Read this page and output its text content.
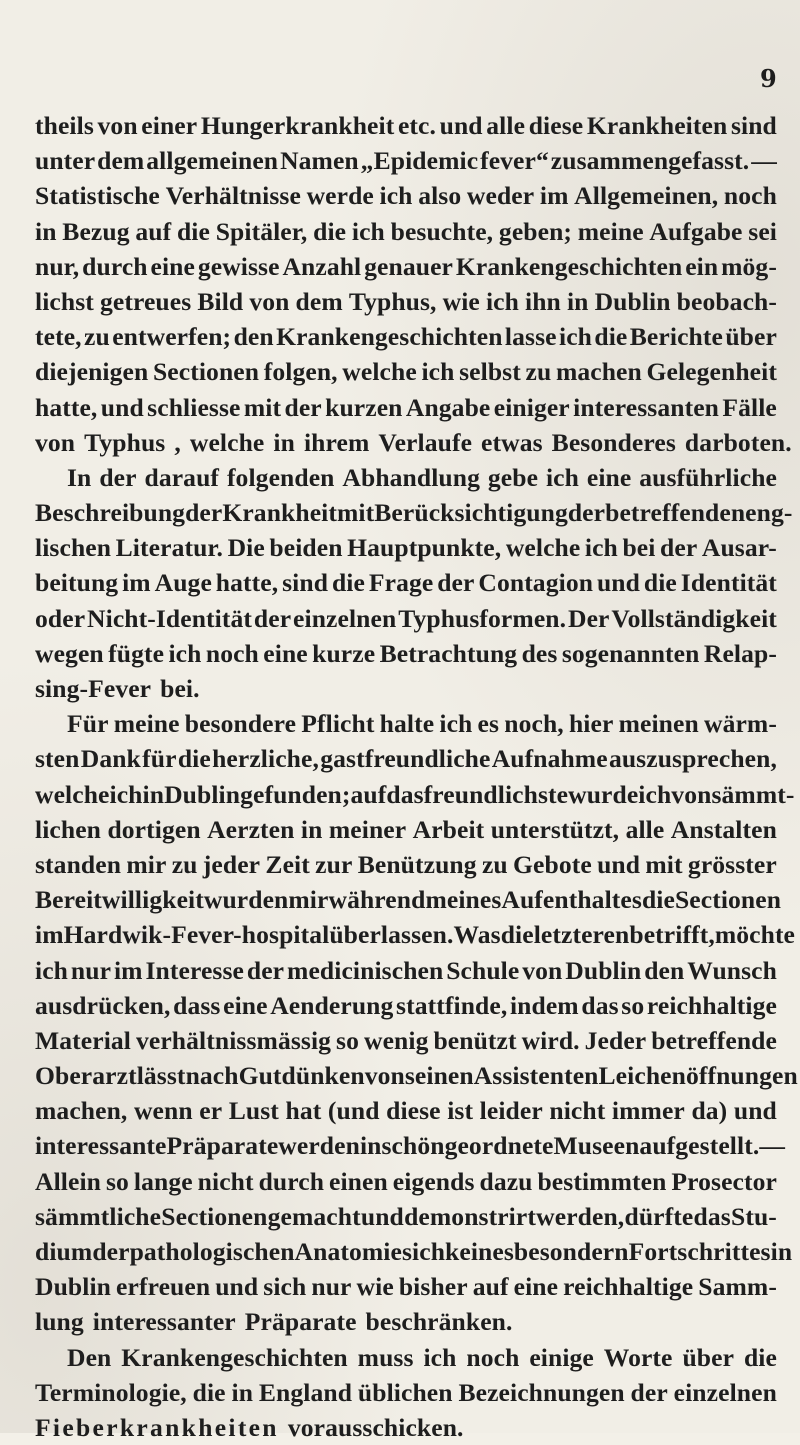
9
theils von einer Hungerkrankheit etc. und alle diese Krankheiten sind
unter dem allgemeinen Namen „Epidemic fever“ zusammengefasst. —
Statistische Verhältnisse werde ich also weder im Allgemeinen, noch
in Bezug auf die Spitäler, die ich besuchte, geben; meine Aufgabe sei
nur, durch eine gewisse Anzahl genauer Krankengeschichten ein mög-
lichst getreues Bild von dem Typhus, wie ich ihn in Dublin beobach-
tete, zu entwerfen; den Krankengeschichten lasse ich die Berichte über
diejenigen Sectionen folgen, welche ich selbst zu machen Gelegenheit
hatte, und schliesse mit der kurzen Angabe einiger interessanten Fälle
von Typhus , welche in ihrem Verlaufe etwas Besonderes darboten.
In der darauf folgenden Abhandlung gebe ich eine ausführliche
Beschreibung der Krankheit mit Berücksichtigung der betreffenden eng-
lischen Literatur. Die beiden Hauptpunkte, welche ich bei der Ausar-
beitung im Auge hatte, sind die Frage der Contagion und die Identität
oder Nicht-Identität der einzelnen Typhusformen. Der Vollständigkeit
wegen fügte ich noch eine kurze Betrachtung des sogenannten Relap-
sing-Fever bei.
Für meine besondere Pflicht halte ich es noch, hier meinen wärm-
sten Dank für die herzliche, gastfreundliche Aufnahme auszusprechen,
welche ich in Dublin gefunden; auf das freundlichste wurde ich von sämmt-
lichen dortigen Aerzten in meiner Arbeit unterstützt, alle Anstalten
standen mir zu jeder Zeit zur Benützung zu Gebote und mit grösster
Bereitwilligkeit wurden mir während meines Aufenthaltes die Sectionen
im Hardwik-Fever-hospital überlassen. Was die letzteren betrifft, möchte
ich nur im Interesse der medicinischen Schule von Dublin den Wunsch
ausdrücken, dass eine Aenderung stattfinde, indem das so reichhaltige
Material verhältnissmässig so wenig benützt wird. Jeder betreffende
Oberarzt lässt nach Gutdünken von seinen Assistenten Leichenöffnungen
machen, wenn er Lust hat (und diese ist leider nicht immer da) und
interessante Präparate werden in schön geordnete Museen aufgestellt. —
Allein so lange nicht durch einen eigends dazu bestimmten Prosector
sämmtliche Sectionen gemacht und demonstrirt werden, dürfte das Stu-
dium der pathologischen Anatomie sich keines besondern Fortschrittes in
Dublin erfreuen und sich nur wie bisher auf eine reichhaltige Samm-
lung interessanter Präparate beschränken.
Den Krankengeschichten muss ich noch einige Worte über die
Terminologie, die in England üblichen Bezeichnungen der einzelnen
Fieberkrankheiten vorausschicken.
